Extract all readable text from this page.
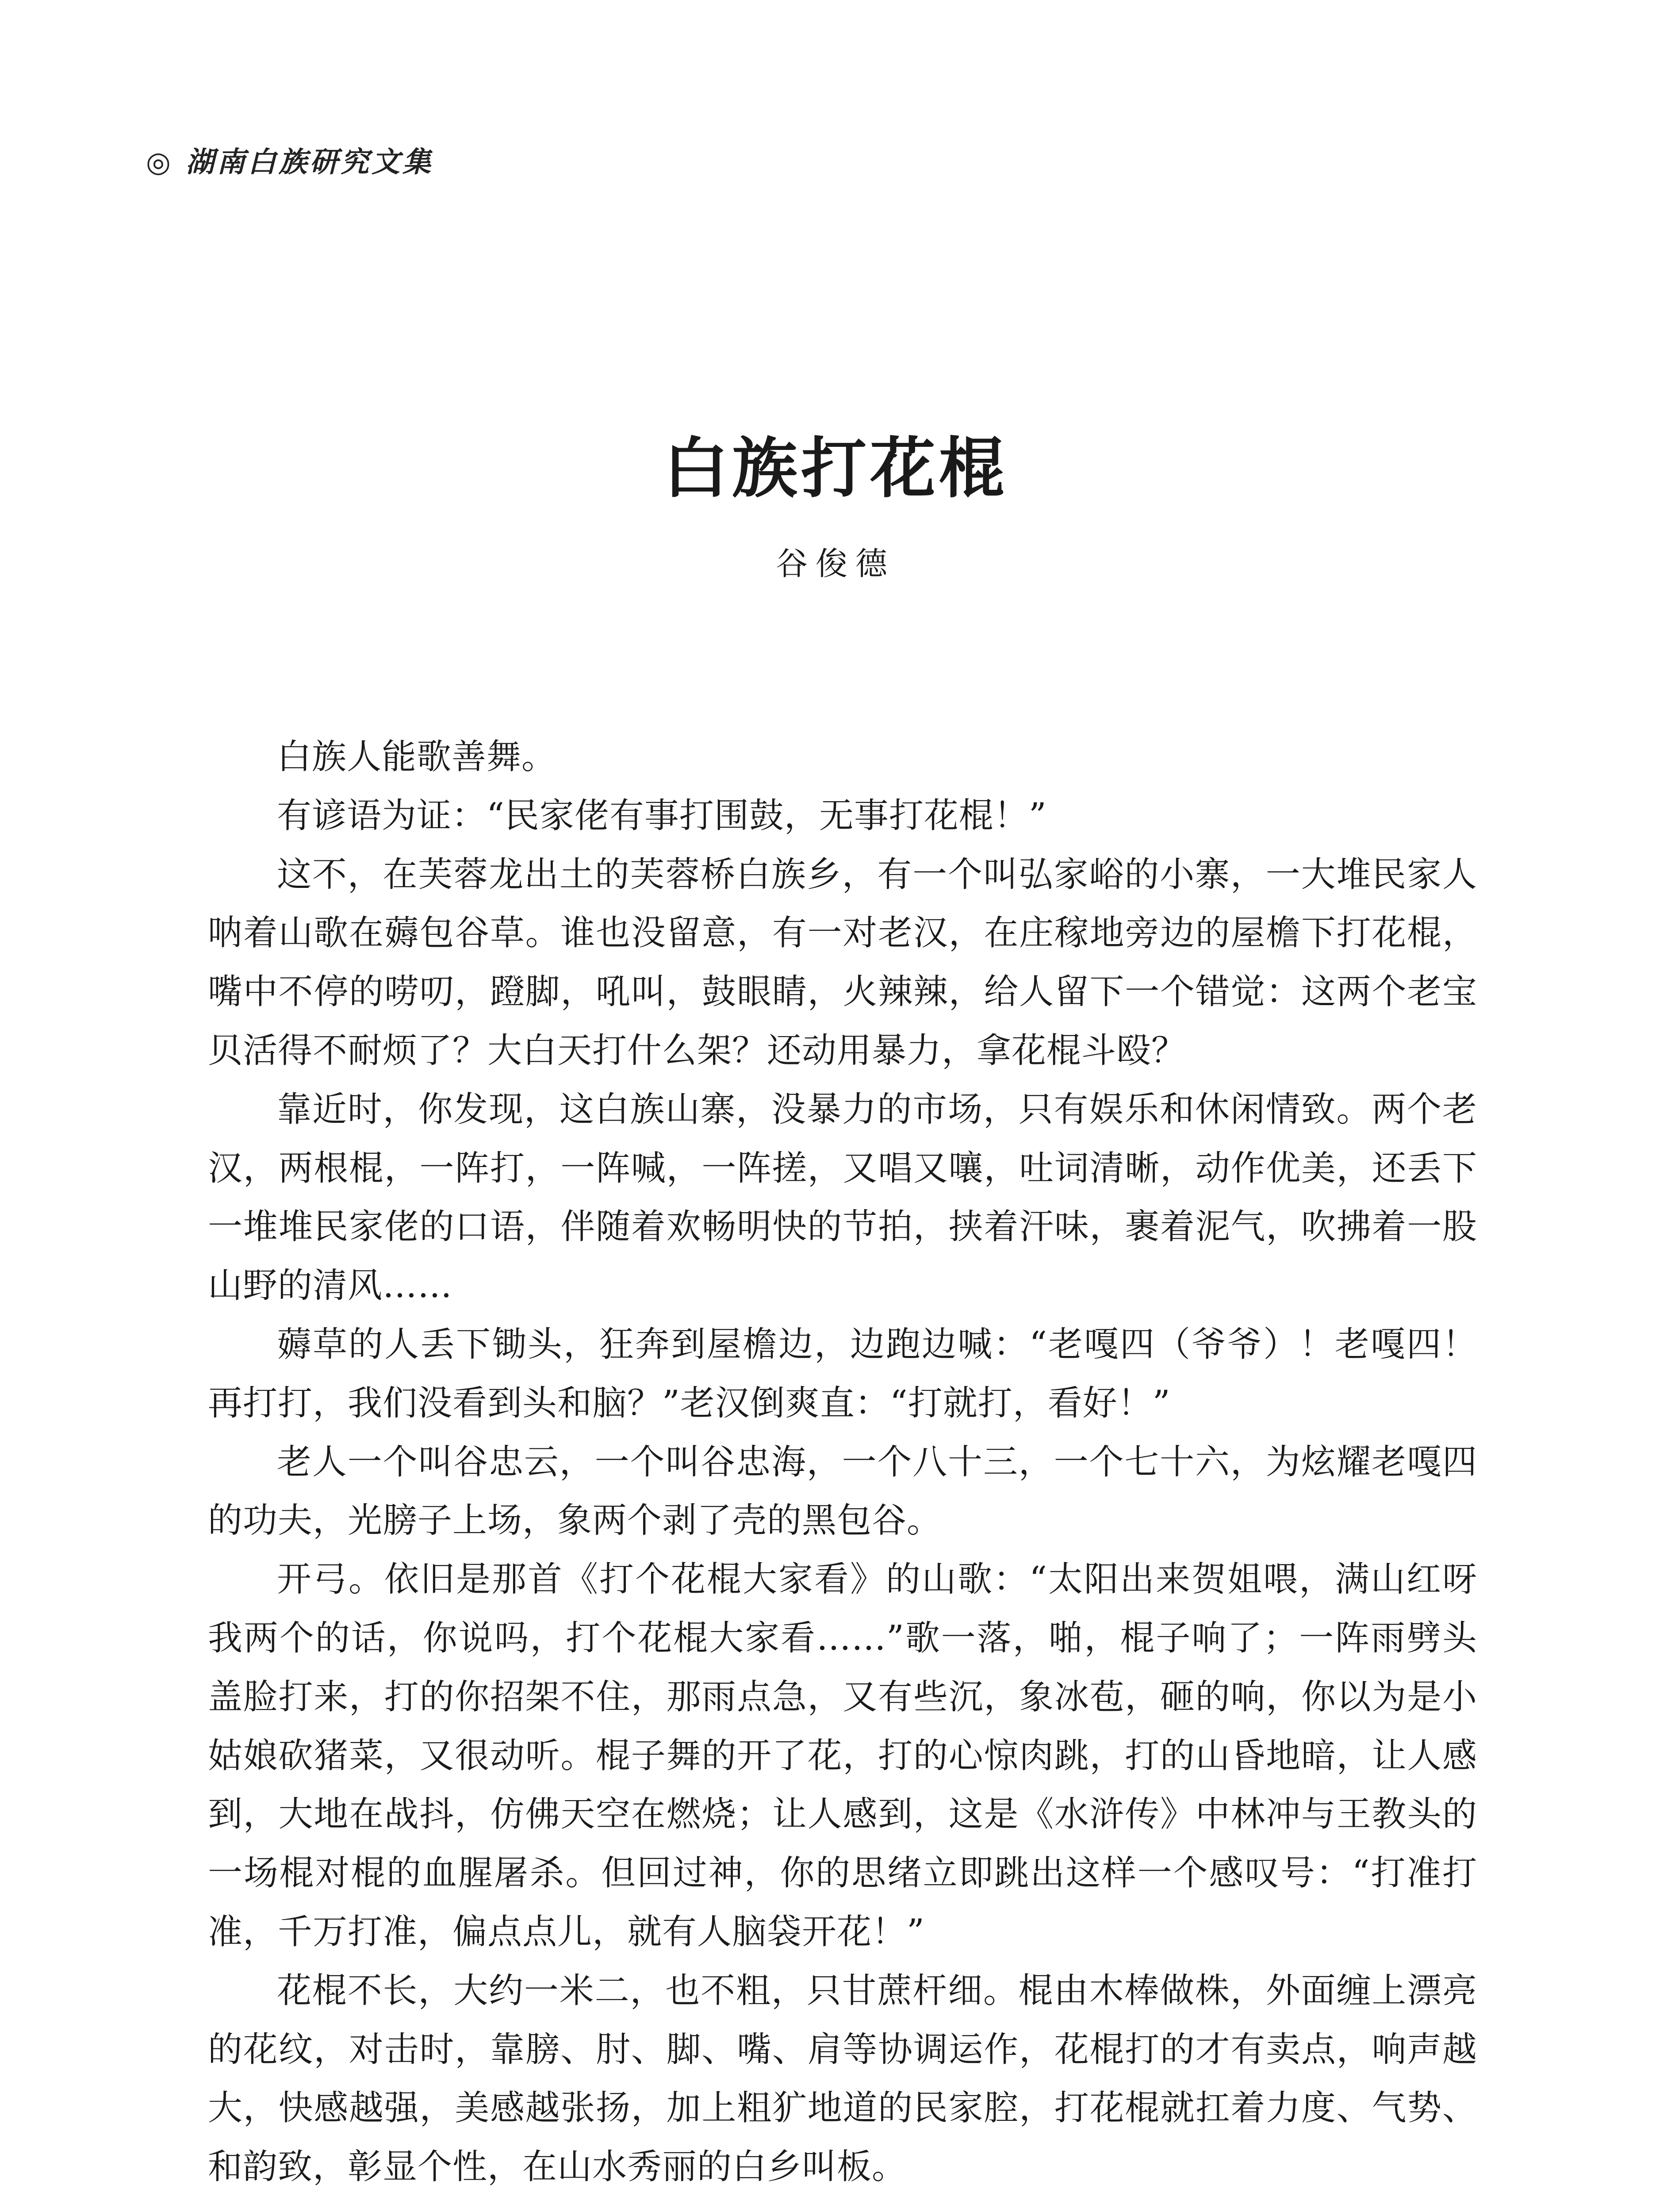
◎ 湖南白族研究文集
白族打花棍
谷俊德

白族人能歌善舞。

有谚语为证：“民家佬有事打围鼓，无事打花棍！”

这不，在芙蓉龙出土的芙蓉桥白族乡，有一个叫弘家峪的小寨，一大堆民家人呐着山歌在薅包谷草。谁也没留意，有一对老汉，在庄稼地旁边的屋檐下打花棍，嘴中不停的唠叨，蹬脚，吼叫，鼓眼睛，火辣辣，给人留下一个错觉：这两个老宝贝活得不耐烦了？大白天打什么架？还动用暴力，拿花棍斗殴？

靠近时，你发现，这白族山寨，没暴力的市场，只有娱乐和休闲情致。两个老汉，两根棍，一阵打，一阵喊，一阵搓，又唱又嚷，吐词清晰，动作优美，还丢下一堆堆民家佬的口语，伴随着欢畅明快的节拍，挟着汗味，裹着泥气，吹拂着一股山野的清风……

薅草的人丢下锄头，狂奔到屋檐边，边跑边喊：“老嘎四（爷爷）！老嘎四！再打打，我们没看到头和脑？”老汉倒爽直：“打就打，看好！”

老人一个叫谷忠云，一个叫谷忠海，一个八十三，一个七十六，为炫耀老嘎四的功夫，光膀子上场，象两个剥了壳的黑包谷。

开弓。依旧是那首《打个花棍大家看》的山歌：“太阳出来贺姐喂，满山红呀我两个的话，你说吗，打个花棍大家看……”歌一落，啪，棍子响了；一阵雨劈头盖脸打来，打的你招架不住，那雨点急，又有些沉，象冰苞，砸的响，你以为是小姑娘砍猪菜，又很动听。棍子舞的开了花，打的心惊肉跳，打的山昏地暗，让人感到，大地在战抖，仿佛天空在燃烧；让人感到，这是《水浒传》中林冲与王教头的一场棍对棍的血腥屠杀。但回过神，你的思绪立即跳出这样一个感叹号：“打准打准，千万打准，偏点点儿，就有人脑袋开花！”

花棍不长，大约一米二，也不粗，只甘蔗杆细。棍由木棒做株，外面缠上漂亮的花纹，对击时，靠膀、肘、脚、嘴、肩等协调运作，花棍打的才有卖点，响声越大，快感越强，美感越张扬，加上粗犷地道的民家腔，打花棍就扛着力度、气势、和韵致，彰显个性，在山水秀丽的白乡叫板。
